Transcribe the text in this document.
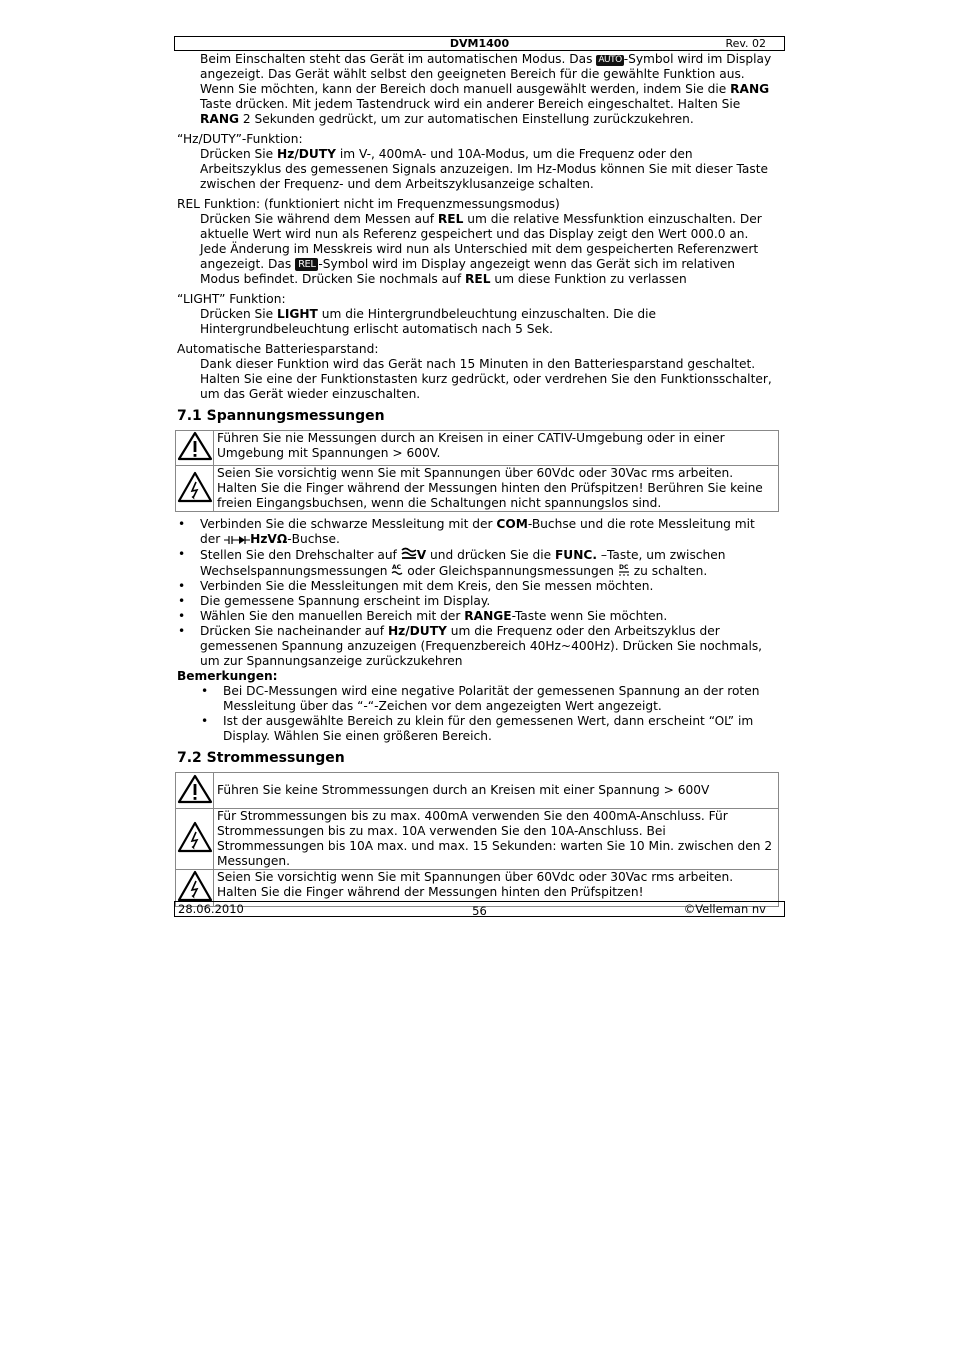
DVM1400	Rev. 02

Beim Einschalten steht das Gerät im automatischen Modus. Das AUTO -Symbol wird im Display angezeigt. Das Gerät wählt selbst den geeigneten Bereich für die gewählte Funktion aus. Wenn Sie möchten, kann der Bereich doch manuell ausgewählt werden, indem Sie die RANG Taste drücken. Mit jedem Tastendruck wird ein anderer Bereich eingeschaltet. Halten Sie RANG 2 Sekunden gedrückt, um zur automatischen Einstellung zurückzukehren.

“Hz/DUTY”-Funktion:

Drücken Sie Hz/DUTY im V-, 400mA- und 10A-Modus, um die Frequenz oder den Arbeitszyklus des gemessenen Signals anzuzeigen. Im Hz-Modus können Sie mit dieser Taste zwischen der Frequenz- und dem Arbeitszyklusanzeige schalten.

REL Funktion: (funktioniert nicht im Frequenzmessungsmodus)

Drücken Sie während dem Messen auf REL um die relative Messfunktion einzuschalten. Der aktuelle Wert wird nun als Referenz gespeichert und das Display zeigt den Wert 000.0 an. Jede Änderung im Messkreis wird nun als Unterschied mit dem gespeicherten Referenzwert angezeigt. Das REL -Symbol wird im Display angezeigt wenn das Gerät sich im relativen Modus befindet. Drücken Sie nochmals auf REL um diese Funktion zu verlassen

“LIGHT” Funktion:

Drücken Sie LIGHT um die Hintergrundbeleuchtung einzuschalten. Die die Hintergrundbeleuchtung erlischt automatisch nach 5 Sek.

Automatische Batteriesparstand:

Dank dieser Funktion wird das Gerät nach 15 Minuten in den Batteriesparstand geschaltet. Halten Sie eine der Funktionstasten kurz gedrückt, oder verdrehen Sie den Funktionsschalter, um das Gerät wieder einzuschalten.

7.1 Spannungsmessungen
	Führen Sie nie Messungen durch an Kreisen in einer CATIV-Umgebung oder in einer Umgebung mit Spannungen > 600V.
	Seien Sie vorsichtig wenn Sie mit Spannungen über 60Vdc oder 30Vac rms arbeiten. Halten Sie die Finger während der Messungen hinten den Prüfspitzen! Berühren Sie keine freien Eingangsbuchsen, wenn die Schaltungen nicht spannungslos sind.
• Verbinden Sie die schwarze Messleitung mit der COM-Buchse und die rote Messleitung mit der HzVΩ-Buchse.
• Stellen Sie den Drehschalter auf V und drücken Sie die FUNC. –Taste, um zwischen Wechselspannungsmessungen AC oder Gleichspannungsmessungen DC zu schalten.
• Verbinden Sie die Messleitungen mit dem Kreis, den Sie messen möchten.
• Die gemessene Spannung erscheint im Display.
• Wählen Sie den manuellen Bereich mit der RANGE-Taste wenn Sie möchten.
• Drücken Sie nacheinander auf Hz/DUTY um die Frequenz oder den Arbeitszyklus der gemessenen Spannung anzuzeigen (Frequenzbereich 40Hz~400Hz). Drücken Sie nochmals, um zur Spannungsanzeige zurückzukehren

Bemerkungen:

• Bei DC-Messungen wird eine negative Polarität der gemessenen Spannung an der roten Messleitung über das “-“-Zeichen vor dem angezeigten Wert angezeigt.
• Ist der ausgewählte Bereich zu klein für den gemessenen Wert, dann erscheint “OL” im Display. Wählen Sie einen größeren Bereich.
7.2 Strommessungen
	Führen Sie keine Strommessungen durch an Kreisen mit einer Spannung > 600V
	Für Strommessungen bis zu max. 400mA verwenden Sie den 400mA-Anschluss. Für Strommessungen bis zu max. 10A verwenden Sie den 10A-Anschluss. Bei Strommessungen bis 10A max. und max. 15 Sekunden: warten Sie 10 Min. zwischen den 2 Messungen.
	Seien Sie vorsichtig wenn Sie mit Spannungen über 60Vdc oder 30Vac rms arbeiten. Halten Sie die Finger während der Messungen hinten den Prüfspitzen!
28.06.2010	56	©Velleman nv
